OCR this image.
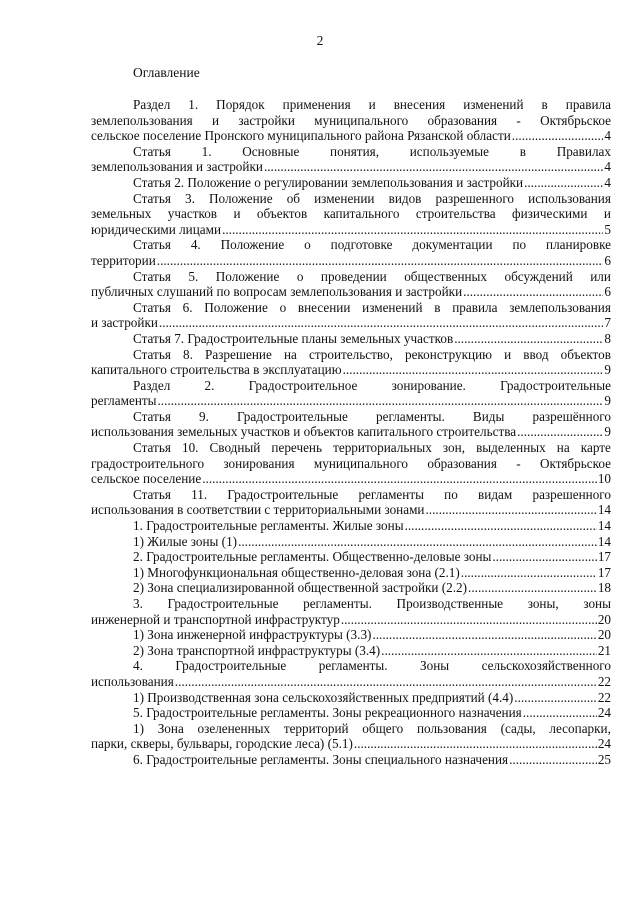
2
Оглавление
Раздел 1. Порядок применения и внесения изменений в правила
землепользования и застройки муниципального образования - Октябрьское
сельское поселение Пронского муниципального района Рязанской области .....	4
Статья 1. Основные понятия, используемые в Правилах
землепользования и застройки .....	4
Статья 2. Положение о регулировании землепользования и застройки .....	4
Статья 3. Положение об изменении видов разрешенного использования
земельных участков и объектов капитального строительства физическими и
юридическими лицами .....	5
Статья 4. Положение о подготовке документации по планировке
территории .....	6
Статья 5. Положение о проведении общественных обсуждений или
публичных слушаний по вопросам землепользования и застройки .....	6
Статья 6. Положение о внесении изменений в правила землепользования
и застройки .....	7
Статья 7. Градостроительные планы земельных участков .....	8
Статья 8. Разрешение на строительство, реконструкцию и ввод объектов
капитального строительства в эксплуатацию .....	9
Раздел	2.	Градостроительное	зонирование.	Градостроительные
регламенты .....	9
Статья 9. Градостроительные регламенты. Виды разрешённого
использования земельных участков и объектов капитального строительства .....	9
Статья 10. Сводный перечень территориальных зон, выделенных на карте
градостроительного зонирования муниципального образования - Октябрьское
сельское поселение .....	10
Статья 11. Градостроительные регламенты по видам разрешенного
использования в соответствии с территориальными зонами .....	14
1. Градостроительные регламенты. Жилые зоны .....	14
1) Жилые зоны (1) .....	14
2. Градостроительные регламенты. Общественно-деловые зоны .....	17
1) Многофункциональная общественно-деловая зона (2.1) .....	17
2) Зона специализированной общественной застройки (2.2) .....	18
3. Градостроительные регламенты. Производственные зоны, зоны
инженерной и транспортной инфраструктур .....	20
1) Зона инженерной инфраструктуры (3.3) .....	20
2) Зона транспортной инфраструктуры (3.4) .....	21
4. Градостроительные регламенты. Зоны сельскохозяйственного
использования .....	22
1) Производственная зона сельскохозяйственных предприятий (4.4) .....	22
5. Градостроительные регламенты. Зоны рекреационного назначения .....	24
1) Зона озелененных территорий общего пользования (сады, лесопарки,
парки, скверы, бульвары, городские леса) (5.1) .....	24
6. Градостроительные регламенты. Зоны специального назначения .....	25
